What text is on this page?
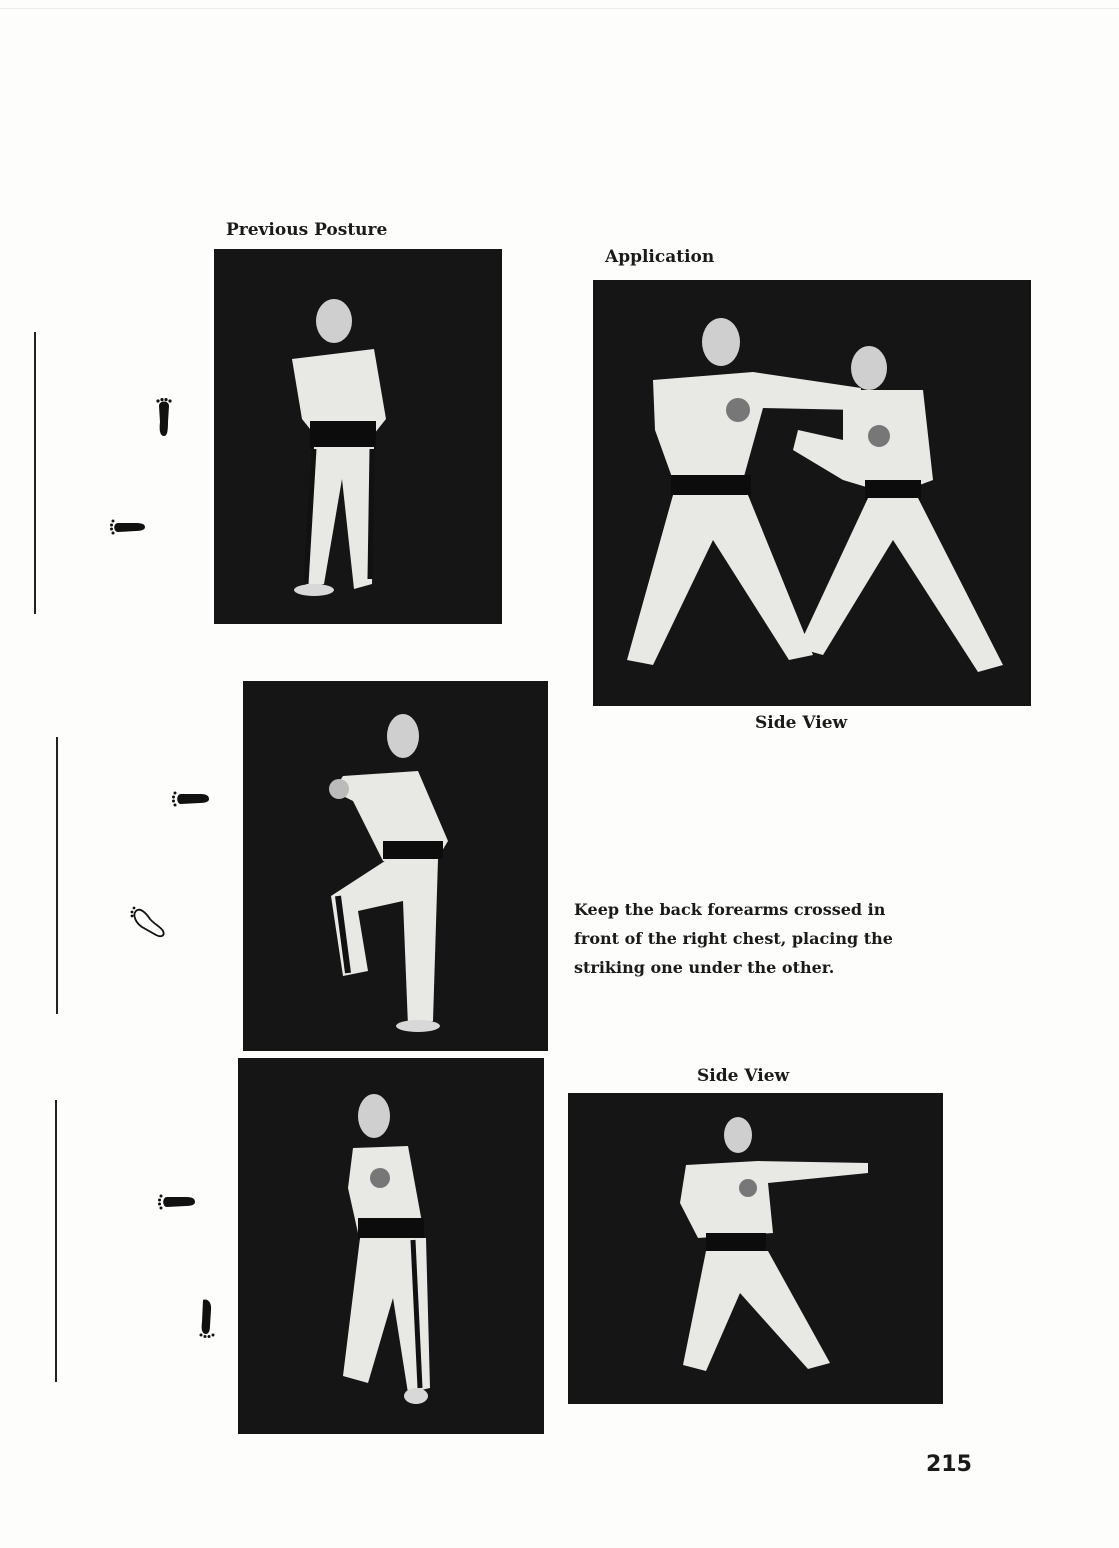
Previous Posture
Application
Side View
Keep the back forearms crossed in front of the right chest, placing the striking one under the other.
Side View
215
